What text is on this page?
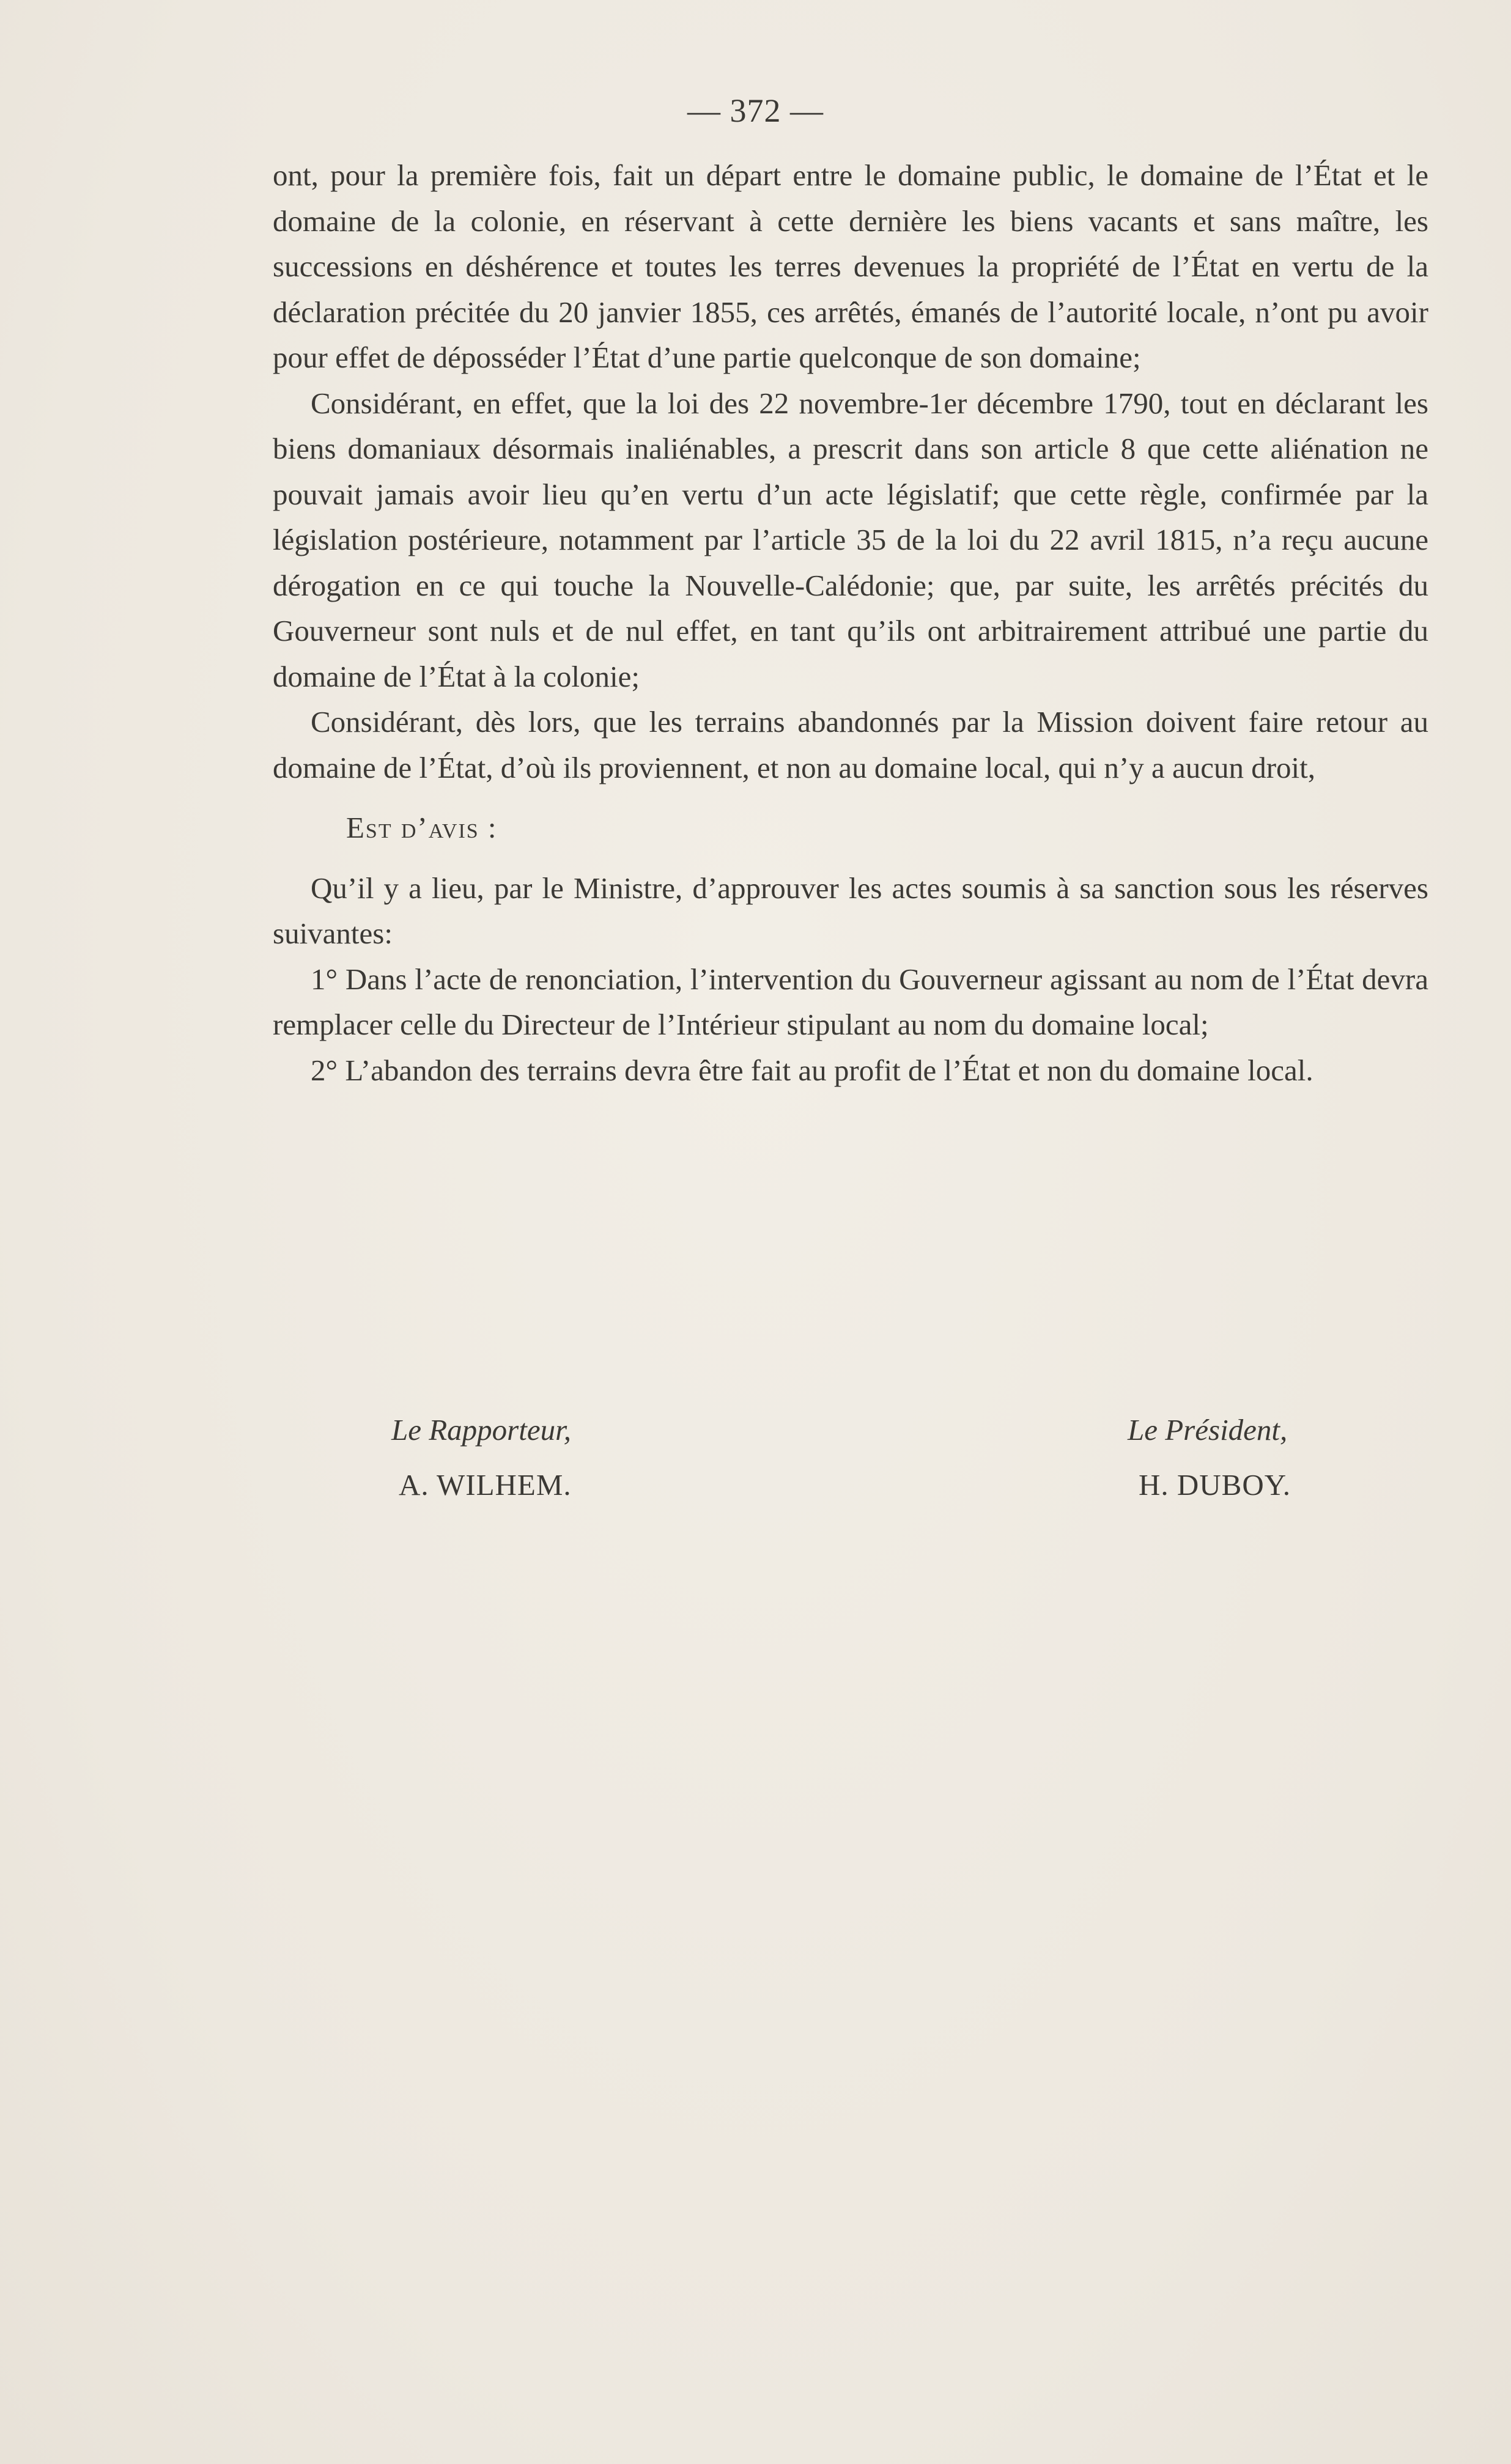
— 372 —

ont, pour la première fois, fait un départ entre le domaine public, le domaine de l’État et le domaine de la colonie, en réservant à cette dernière les biens vacants et sans maître, les successions en déshérence et toutes les terres devenues la propriété de l’État en vertu de la déclaration précitée du 20 janvier 1855, ces arrêtés, émanés de l’autorité locale, n’ont pu avoir pour effet de déposséder l’État d’une partie quelconque de son domaine;

Considérant, en effet, que la loi des 22 novembre-1er décembre 1790, tout en déclarant les biens domaniaux désormais inaliénables, a prescrit dans son article 8 que cette aliénation ne pouvait jamais avoir lieu qu’en vertu d’un acte législatif; que cette règle, confirmée par la législation postérieure, notamment par l’article 35 de la loi du 22 avril 1815, n’a reçu aucune dérogation en ce qui touche la Nouvelle-Calédonie; que, par suite, les arrêtés précités du Gouverneur sont nuls et de nul effet, en tant qu’ils ont arbitrairement attribué une partie du domaine de l’État à la colonie;

Considérant, dès lors, que les terrains abandonnés par la Mission doivent faire retour au domaine de l’État, d’où ils proviennent, et non au domaine local, qui n’y a aucun droit,

Est d’avis :

Qu’il y a lieu, par le Ministre, d’approuver les actes soumis à sa sanction sous les réserves suivantes:

1° Dans l’acte de renonciation, l’intervention du Gouverneur agissant au nom de l’État devra remplacer celle du Directeur de l’Intérieur stipulant au nom du domaine local;

2° L’abandon des terrains devra être fait au profit de l’État et non du domaine local.

Le Rapporteur,
A. WILHEM.
Le Président,
H. DUBOY.
